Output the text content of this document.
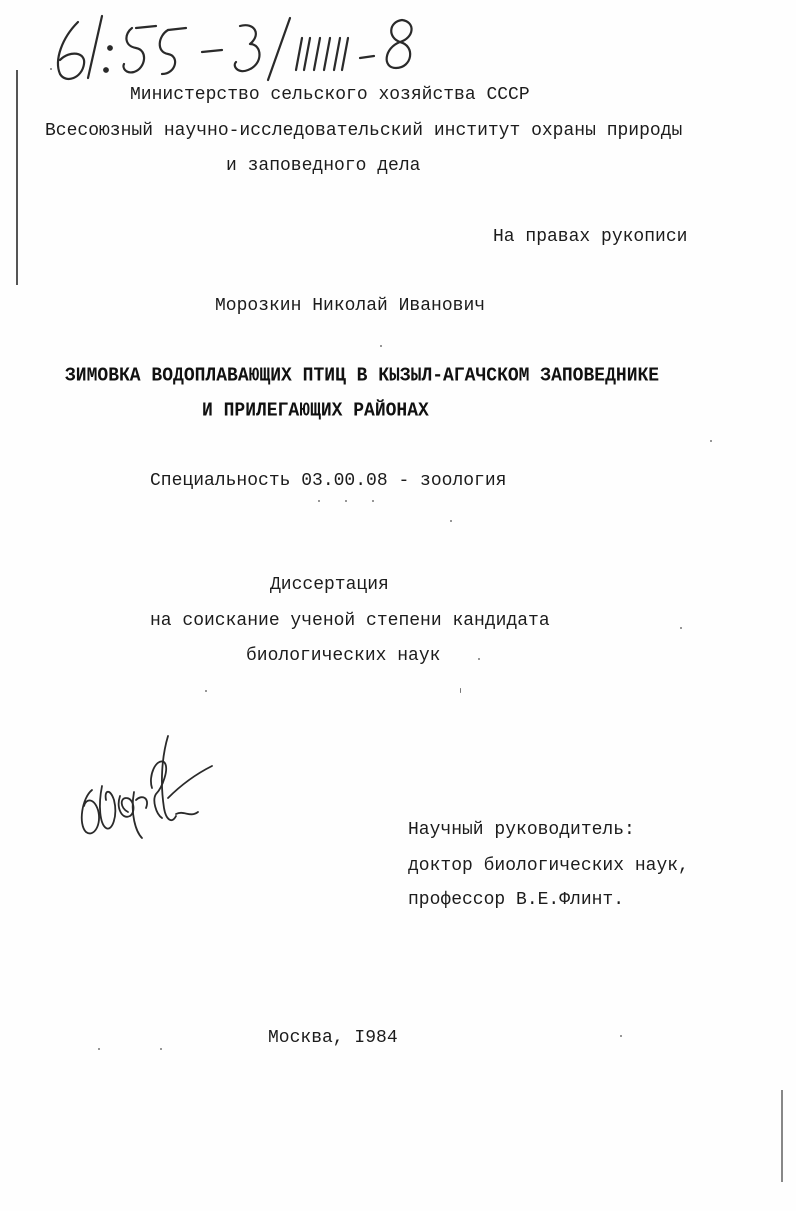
Министерство сельского хозяйства СССР
Всесоюзный научно-исследовательский институт охраны природы
и заповедного дела
На правах рукописи
Морозкин Николай Иванович
ЗИМОВКА ВОДОПЛАВАЮЩИХ ПТИЦ В КЫЗЫЛ-АГАЧСКОМ ЗАПОВЕДНИКЕ
И ПРИЛЕГАЮЩИХ РАЙОНАХ
Специальность 03.00.08 - зоология
Диссертация
на соискание ученой степени кандидата
биологических наук
Научный руководитель:
доктор биологических наук,
профессор В.Е.Флинт.
Москва, I984
